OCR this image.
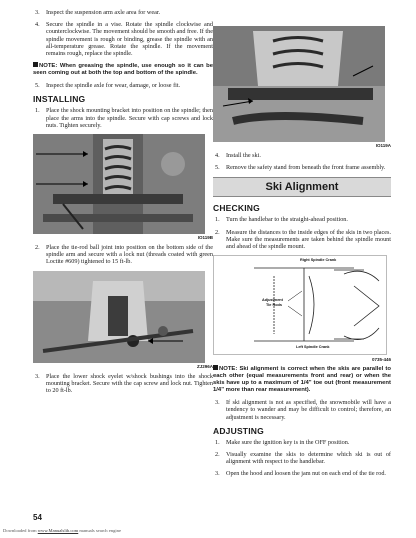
3. Inspect the suspension arm axle area for wear.
4. Secure the spindle in a vise. Rotate the spindle clockwise and counterclockwise. The movement should be smooth and free. If the spindle movement is rough or binding, grease the spindle with an all-temperature grease. Rotate the spindle. If the movement remains rough, replace the spindle.

NOTE: When greasing the spindle, use enough so it can be seen coming out at both the top and bottom of the spindle.

5. Inspect the spindle axle for wear, damage, or loose fit.
INSTALLING
1. Place the shock mounting bracket into position on the spindle; then place the arms into the spindle. Secure with cap screws and lock nuts. Tighten securely.
IO119B
2. Place the tie-rod ball joint into position on the bottom side of the spindle arm and secure with a lock nut (threads coated with green Loctite #609) tightened to 15 ft-lb.
ZJ296A
3. Place the lower shock eyelet w/shock bushings into the shock mounting bracket. Secure with the cap screw and lock nut. Tighten to 20 ft-lb.
IO119A
4. Install the ski.
5. Remove the safety stand from beneath the front frame assembly.
Ski Alignment
CHECKING
1. Turn the handlebar to the straight-ahead position.
2. Measure the distances to the inside edges of the skis in two places. Make sure the measurements are taken behind the spindle mount and ahead of the spindle mount.
Right Spindle Crank
Adjustment
Tie Rods
Left Spindle Crank
0735-446

NOTE: Ski alignment is correct when the skis are parallel to each other (equal measurements front and rear) or when the skis have up to a maximum of 1/4" toe out (front measurement 1/4" more than rear measurement).

3. If ski alignment is not as specified, the snowmobile will have a tendency to wander and may be difficult to control; therefore, an adjustment is necessary.
ADJUSTING
1. Make sure the ignition key is in the OFF position.
2. Visually examine the skis to determine which ski is out of alignment with respect to the handlebar.
3. Open the hood and loosen the jam nut on each end of the tie rod.
54
Downloaded from www.Manualslib.com manuals search engine
